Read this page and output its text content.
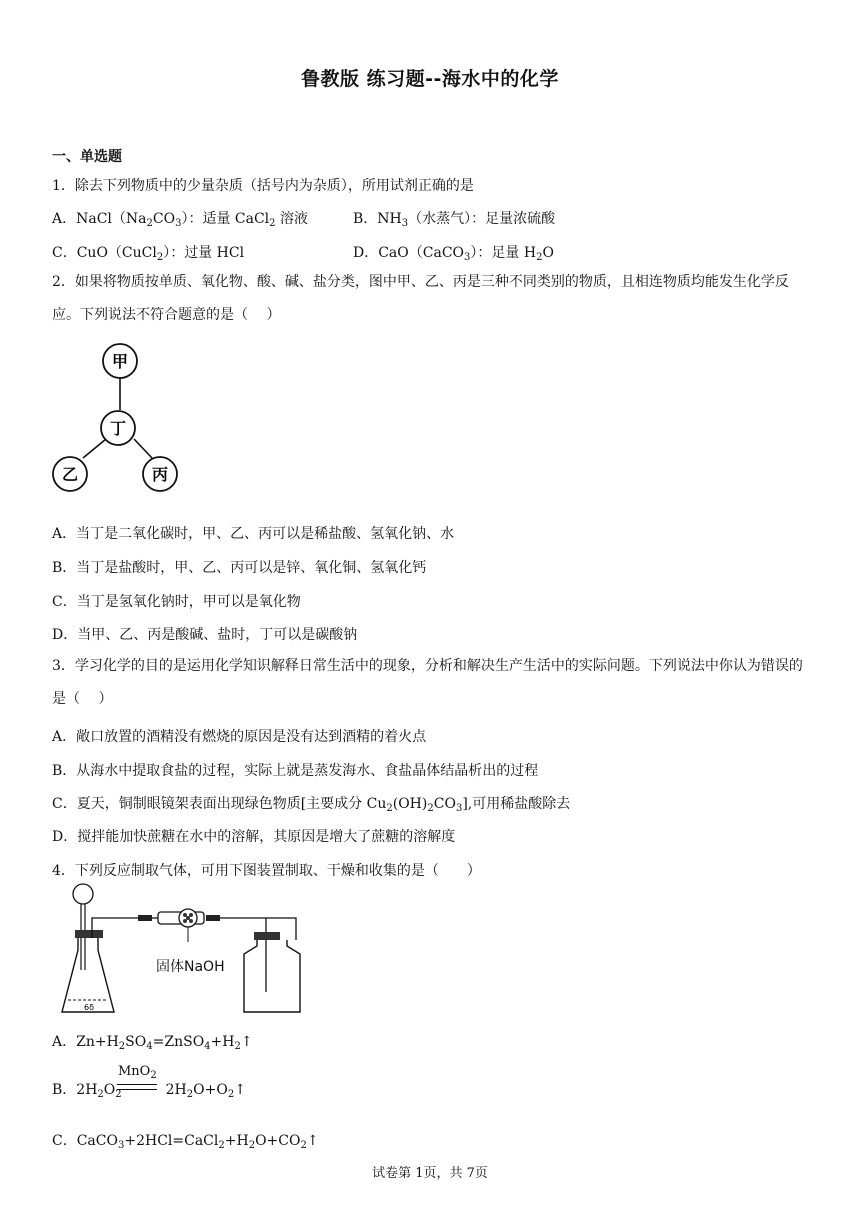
鲁教版 练习题--海水中的化学
一、单选题
1．除去下列物质中的少量杂质（括号内为杂质），所用试剂正确的是
A．$NaCl(Na_2CO_3)$：适量 CaCl$_2$ 溶液	B．$NH_3$（水蒸气）：足量浓硫酸
C．CuO（CuCl$_2$）：过量 HCl	D．CaO（CaCO$_3$）：足量 $H_2O$
2．如果将物质按单质、氧化物、酸、碱、盐分类，图中甲、乙、丙是三种不同类别的物质，且相连物质均能发生化学反应。下列说法不符合题意的是（　 ）
甲
丁
乙	丙
A．当丁是二氧化碳时，甲、乙、丙可以是稀盐酸、氢氧化钠、水
B．当丁是盐酸时，甲、乙、丙可以是锌、氧化铜、氢氧化钙
C．当丁是氢氧化钠时，甲可以是氧化物
D．当甲、乙、丙是酸碱、盐时，丁可以是碳酸钠
3．学习化学的目的是运用化学知识解释日常生活中的现象，分析和解决生产生活中的实际问题。下列说法中你认为错误的是（　 ）
A．敞口放置的酒精没有燃烧的原因是没有达到酒精的着火点
B．从海水中提取食盐的过程，实际上就是蒸发海水、食盐晶体结晶析出的过程
C．夏天，铜制眼镜架表面出现绿色物质[主要成分 $Cu_2(OH)_2CO_3$],可用稀盐酸除去
D．搅拌能加快蔗糖在水中的溶解，其原因是增大了蔗糖的溶解度
4．下列反应制取气体，可用下图装置制取、干燥和收集的是（　　）
6δ
固体NaOH
A．$Zn+H_2SO_4=ZnSO_4+H_2↑$
MnO$_2$
B．$2H_2O_2$	$2H_2O+O_2↑$
C．$CaCO_3+2HCl=CaCl_2+H_2O+CO_2↑$
试卷第 1页，共 7页
